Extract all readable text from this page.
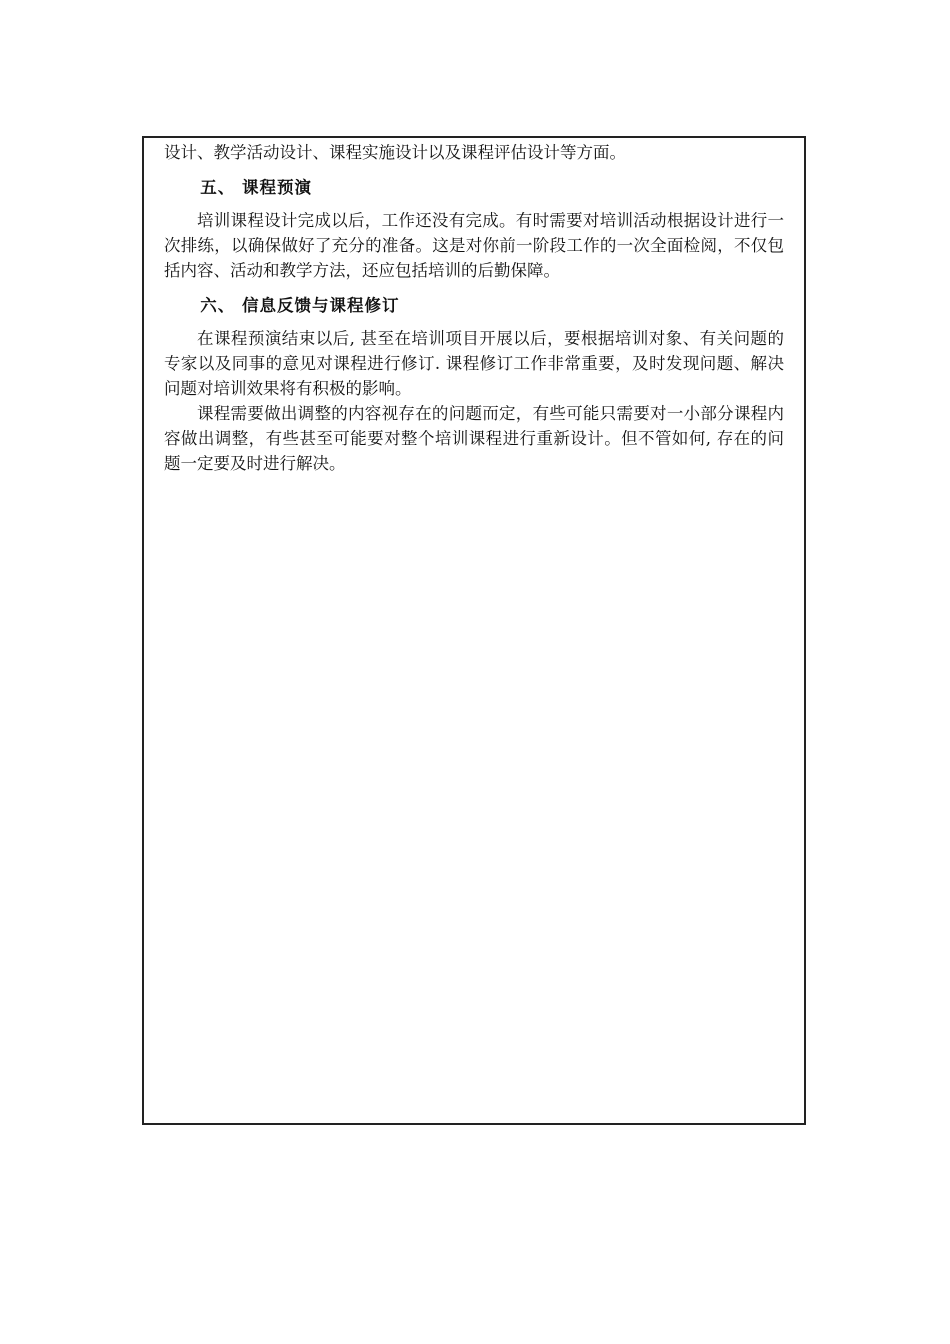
设计、教学活动设计、课程实施设计以及课程评估设计等方面。

五、 课程预演

培训课程设计完成以后，工作还没有完成。有时需要对培训活动根据设计进行一次排练，以确保做好了充分的准备。这是对你前一阶段工作的一次全面检阅，不仅包括内容、活动和教学方法，还应包括培训的后勤保障。

六、 信息反馈与课程修订

在课程预演结束以后, 甚至在培训项目开展以后，要根据培训对象、有关问题的专家以及同事的意见对课程进行修订. 课程修订工作非常重要，及时发现问题、解决问题对培训效果将有积极的影响。

课程需要做出调整的内容视存在的问题而定，有些可能只需要对一小部分课程内容做出调整，有些甚至可能要对整个培训课程进行重新设计。但不管如何, 存在的问题一定要及时进行解决。
